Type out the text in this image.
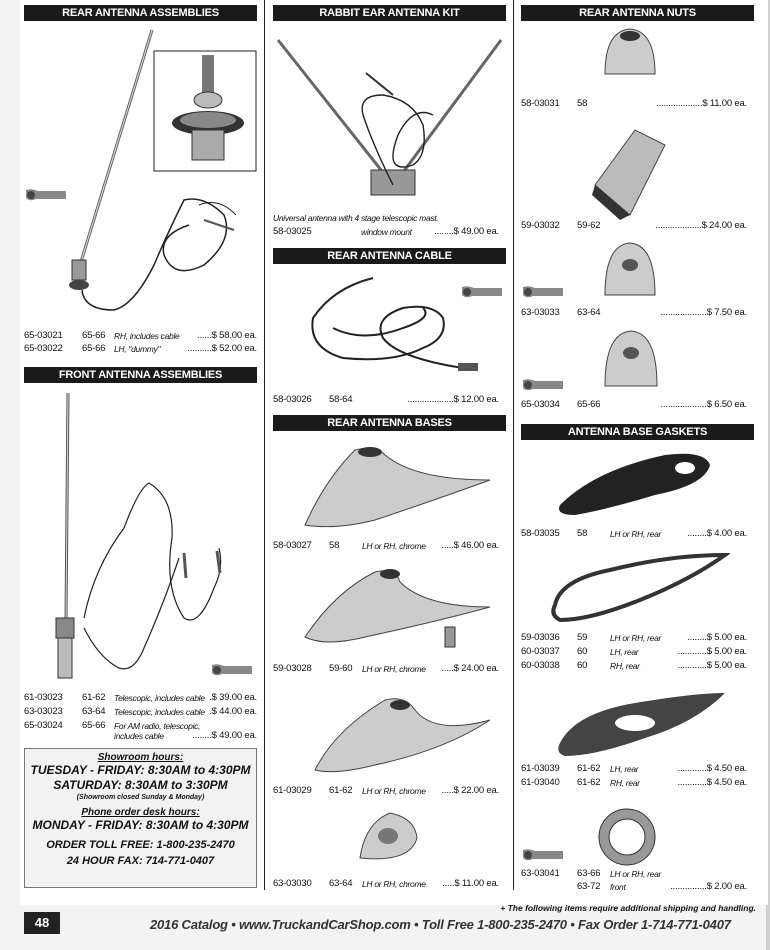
REAR ANTENNA ASSEMBLIES
65-03021 65-66 RH, includes cable ......$ 58.00 ea.
65-03022 65-66 LH, "dummy"	..........$ 52.00 ea.
FRONT ANTENNA ASSEMBLIES
61-03023 61-62 Telescopic, includes cable .$ 39.00 ea.
63-03023 63-64 Telescopic, includes cable .$ 44.00 ea.
65-03024 65-66 For AM radio, telescopic,
includes cable	........$ 49.00 ea.
Showroom hours:
TUESDAY - FRIDAY: 8:30AM to 4:30PM
SATURDAY: 8:30AM to 3:30PM
(Showroom closed Sunday & Monday)
Phone order desk hours:
MONDAY - FRIDAY: 8:30AM to 4:30PM
ORDER TOLL FREE: 1-800-235-2470
24 HOUR FAX: 714-771-0407
RABBIT EAR ANTENNA KIT
Universal antenna with 4 stage telescopic mast.
58-03025	window mount ........$ 49.00 ea.
REAR ANTENNA CABLE
58-03026 58-64	...................$ 12.00 ea.
REAR ANTENNA BASES
58-03027 58	LH or RH, chrome .....$ 46.00 ea.
59-03028 59-60 LH or RH, chrome .....$ 24.00 ea.
61-03029 61-62 LH or RH, chrome .....$ 22.00 ea.
63-03030 63-64 LH or RH, chrome .....$ 11.00 ea.
REAR ANTENNA NUTS
58-03031 58	...................$ 11.00 ea.
59-03032 59-62	...................$ 24.00 ea.
63-03033 63-64	...................$ 7.50 ea.
65-03034 65-66	...................$ 6.50 ea.
ANTENNA BASE GASKETS
58-03035 58	LH or RH, rear	........$ 4.00 ea.
59-03036 59	LH or RH, rear	........$ 5.00 ea.
60-03037 60	LH, rear	............$ 5.00 ea.
60-03038 60	RH, rear	............$ 5.00 ea.
61-03039 61-62 LH, rear	............$ 4.50 ea.
61-03040 61-62 RH, rear	............$ 4.50 ea.
63-03041 63-66 LH or RH, rear
63-72 front	...............$ 2.00 ea.
+ The following items require additional shipping and handling.
48	2016 Catalog • www.TruckandCarShop.com • Toll Free 1-800-235-2470 • Fax Order 1-714-771-0407
